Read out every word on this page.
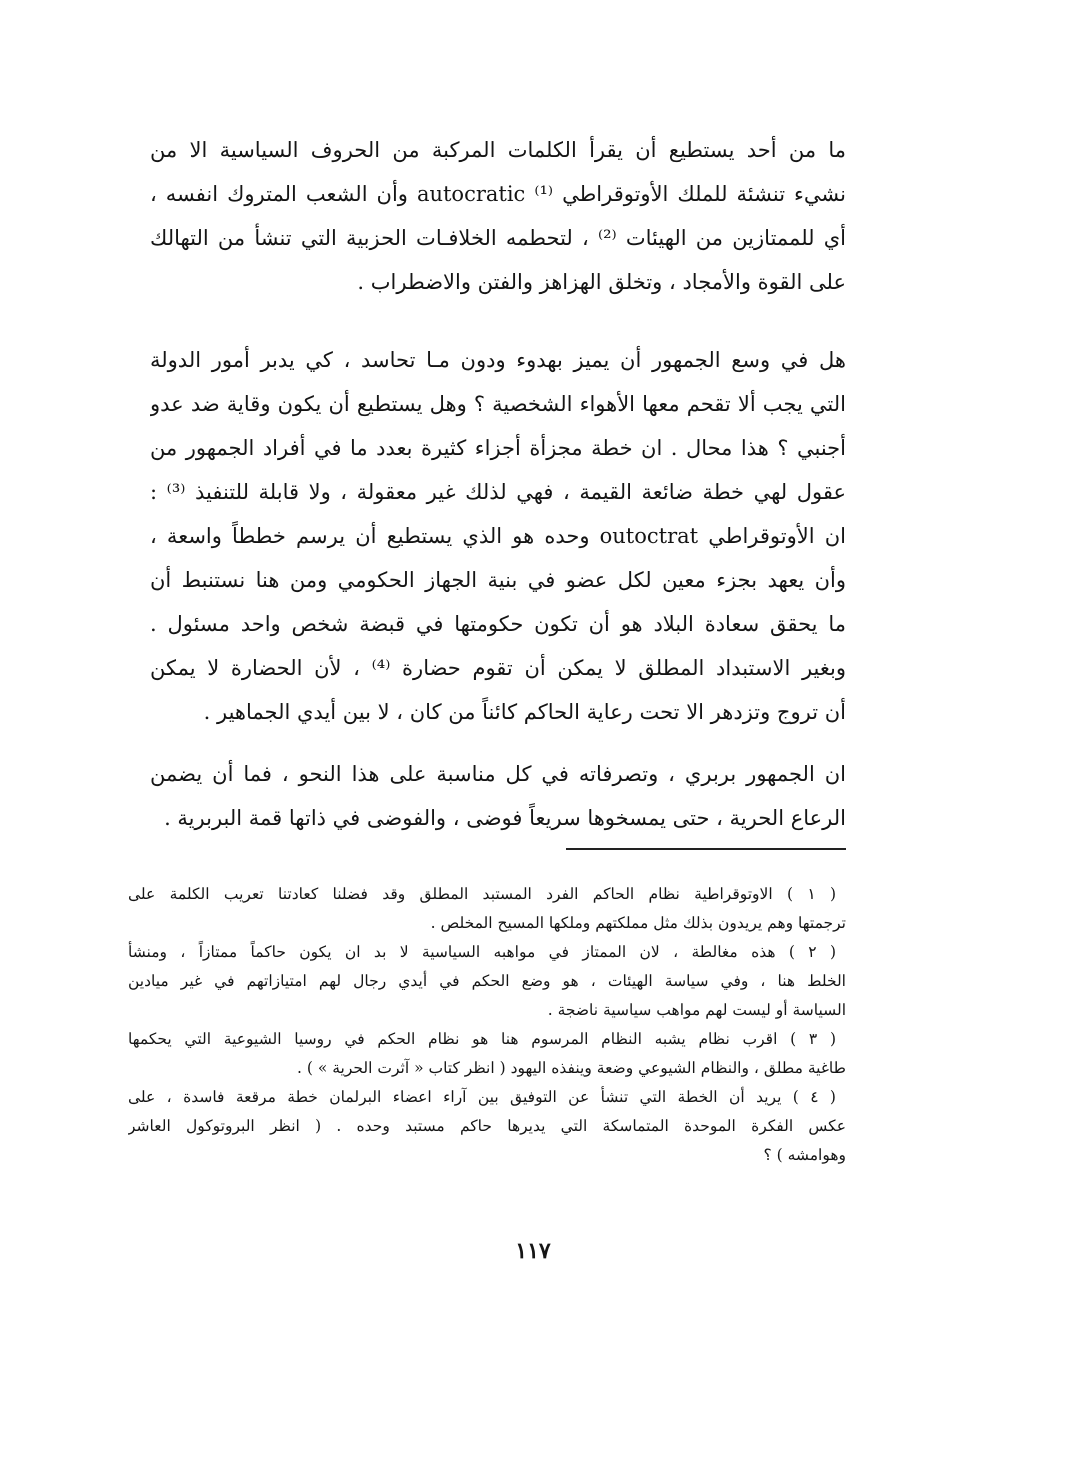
ما من أحد يستطيع أن يقرأ الكلمات المركبة من الحروف السياسية الا من
نشيء تنشئة للملك الأوتوقراطي autocratic ⁽¹⁾ وأن الشعب المتروك انفسه ،
أي للممتازين من الهيئات ⁽²⁾ ، لتحطمه الخلافـات الحزبية التي تنشأ من التهالك
على القوة والأمجاد ، وتخلق الهزاهز والفتن والاضطراب .
هل في وسع الجمهور أن يميز بهدوء ودون مـا تحاسد ، كي يدبر أمور الدولة
التي يجب ألا تقحم معها الأهواء الشخصية ؟ وهل يستطيع أن يكون وقاية ضد عدو
أجنبي ؟ هذا محال . ان خطة مجزأة أجزاء كثيرة بعدد ما في أفراد الجمهور من
عقول لهي خطة ضائعة القيمة ، فهي لذلك غير معقولة ، ولا قابلة للتنفيذ ⁽³⁾ :
ان الأوتوقراطي outoctrat وحده هو الذي يستطيع أن يرسم خططاً واسعة ،
وأن يعهد بجزء معين لكل عضو في بنية الجهاز الحكومي ومن هنا نستنبط أن
ما يحقق سعادة البلاد هو أن تكون حكومتها في قبضة شخص واحد مسئول .
وبغير الاستبداد المطلق لا يمكن أن تقوم حضارة ⁽⁴⁾ ، لأن الحضارة لا يمكن
أن تروج وتزدهر الا تحت رعاية الحاكم كائناً من كان ، لا بين أيدي الجماهير .
ان الجمهور بربري ، وتصرفاته في كل مناسبة على هذا النحو ، فما أن يضمن
الرعاع الحرية ، حتى يمسخوها سريعاً فوضى ، والفوضى في ذاتها قمة البربرية .
( ١ ) الاوتوقراطية نظام الحاكم الفرد المستبد المطلق وقد فضلنا كعادتنا تعريب الكلمة على
ترجمتها وهم يريدون بذلك مثل مملكتهم وملكها المسيح المخلص .
( ٢ ) هذه مغالطة ، لان الممتاز في مواهبه السياسية لا بد ان يكون حاكماً ممتازاً ، ومنشأ
الخلط هنا ، وفي سياسة الهيئات ، هو وضع الحكم في أيدي رجال لهم امتيازاتهم في غير ميادين
السياسة أو ليست لهم مواهب سياسية ناضجة .
( ٣ ) اقرب نظام يشبه النظام المرسوم هنا هو نظام الحكم في روسيا الشيوعية التي يحكمها
طاغية مطلق ، والنظام الشيوعي وضعة وينفذه اليهود ( انظر كتاب « آثرت الحرية » ) .
( ٤ ) يريد أن الخطة التي تنشأ عن التوفيق بين آراء اعضاء البرلمان خطة مرقعة فاسدة ، على
عكس الفكرة الموحدة المتماسكة التي يديرها حاكم مستبد وحده . ( انظر البروتوكول العاشر
وهوامشه ) ؟
١١٧
